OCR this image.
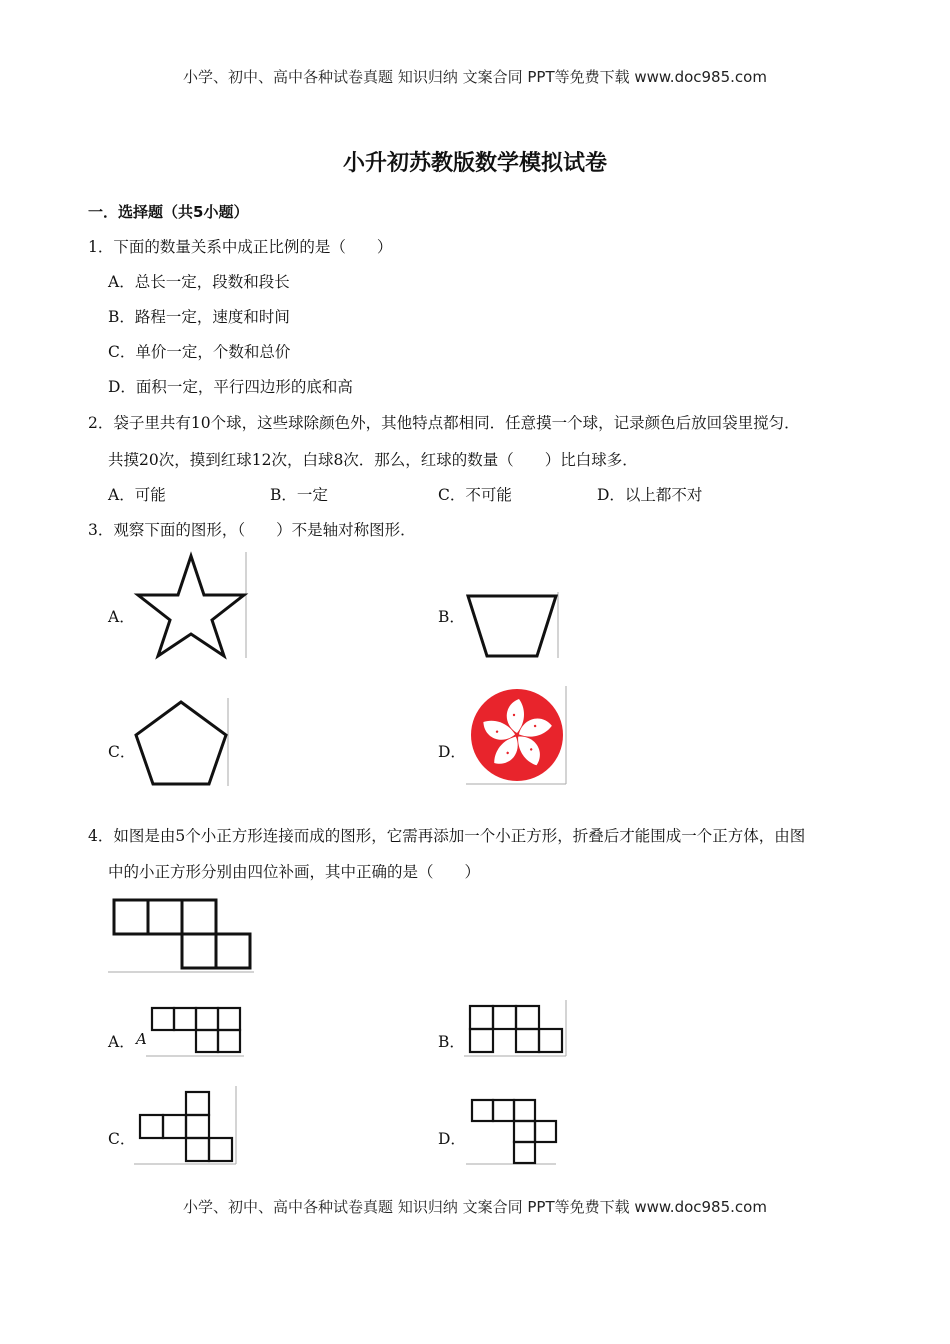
小学、初中、高中各种试卷真题 知识归纳 文案合同 PPT等免费下载 www.doc985.com
小升初苏教版数学模拟试卷
一．选择题（共5小题）
1．下面的数量关系中成正比例的是（　　）
A．总长一定，段数和段长
B．路程一定，速度和时间
C．单价一定，个数和总价
D．面积一定，平行四边形的底和高
2．袋子里共有10个球，这些球除颜色外，其他特点都相同．任意摸一个球，记录颜色后放回袋里搅匀．
共摸20次，摸到红球12次，白球8次．那么，红球的数量（　　）比白球多．
A．可能	B．一定	C．不可能	D．以上都不对
3．观察下面的图形，（　　）不是轴对称图形．
A．	B．
C．	D．
4．如图是由5个小正方形连接而成的图形，它需再添加一个小正方形，折叠后才能围成一个正方体，由图
中的小正方形分别由四位补画，其中正确的是（　　）
A． A	B．
C．	D．
小学、初中、高中各种试卷真题 知识归纳 文案合同 PPT等免费下载 www.doc985.com
